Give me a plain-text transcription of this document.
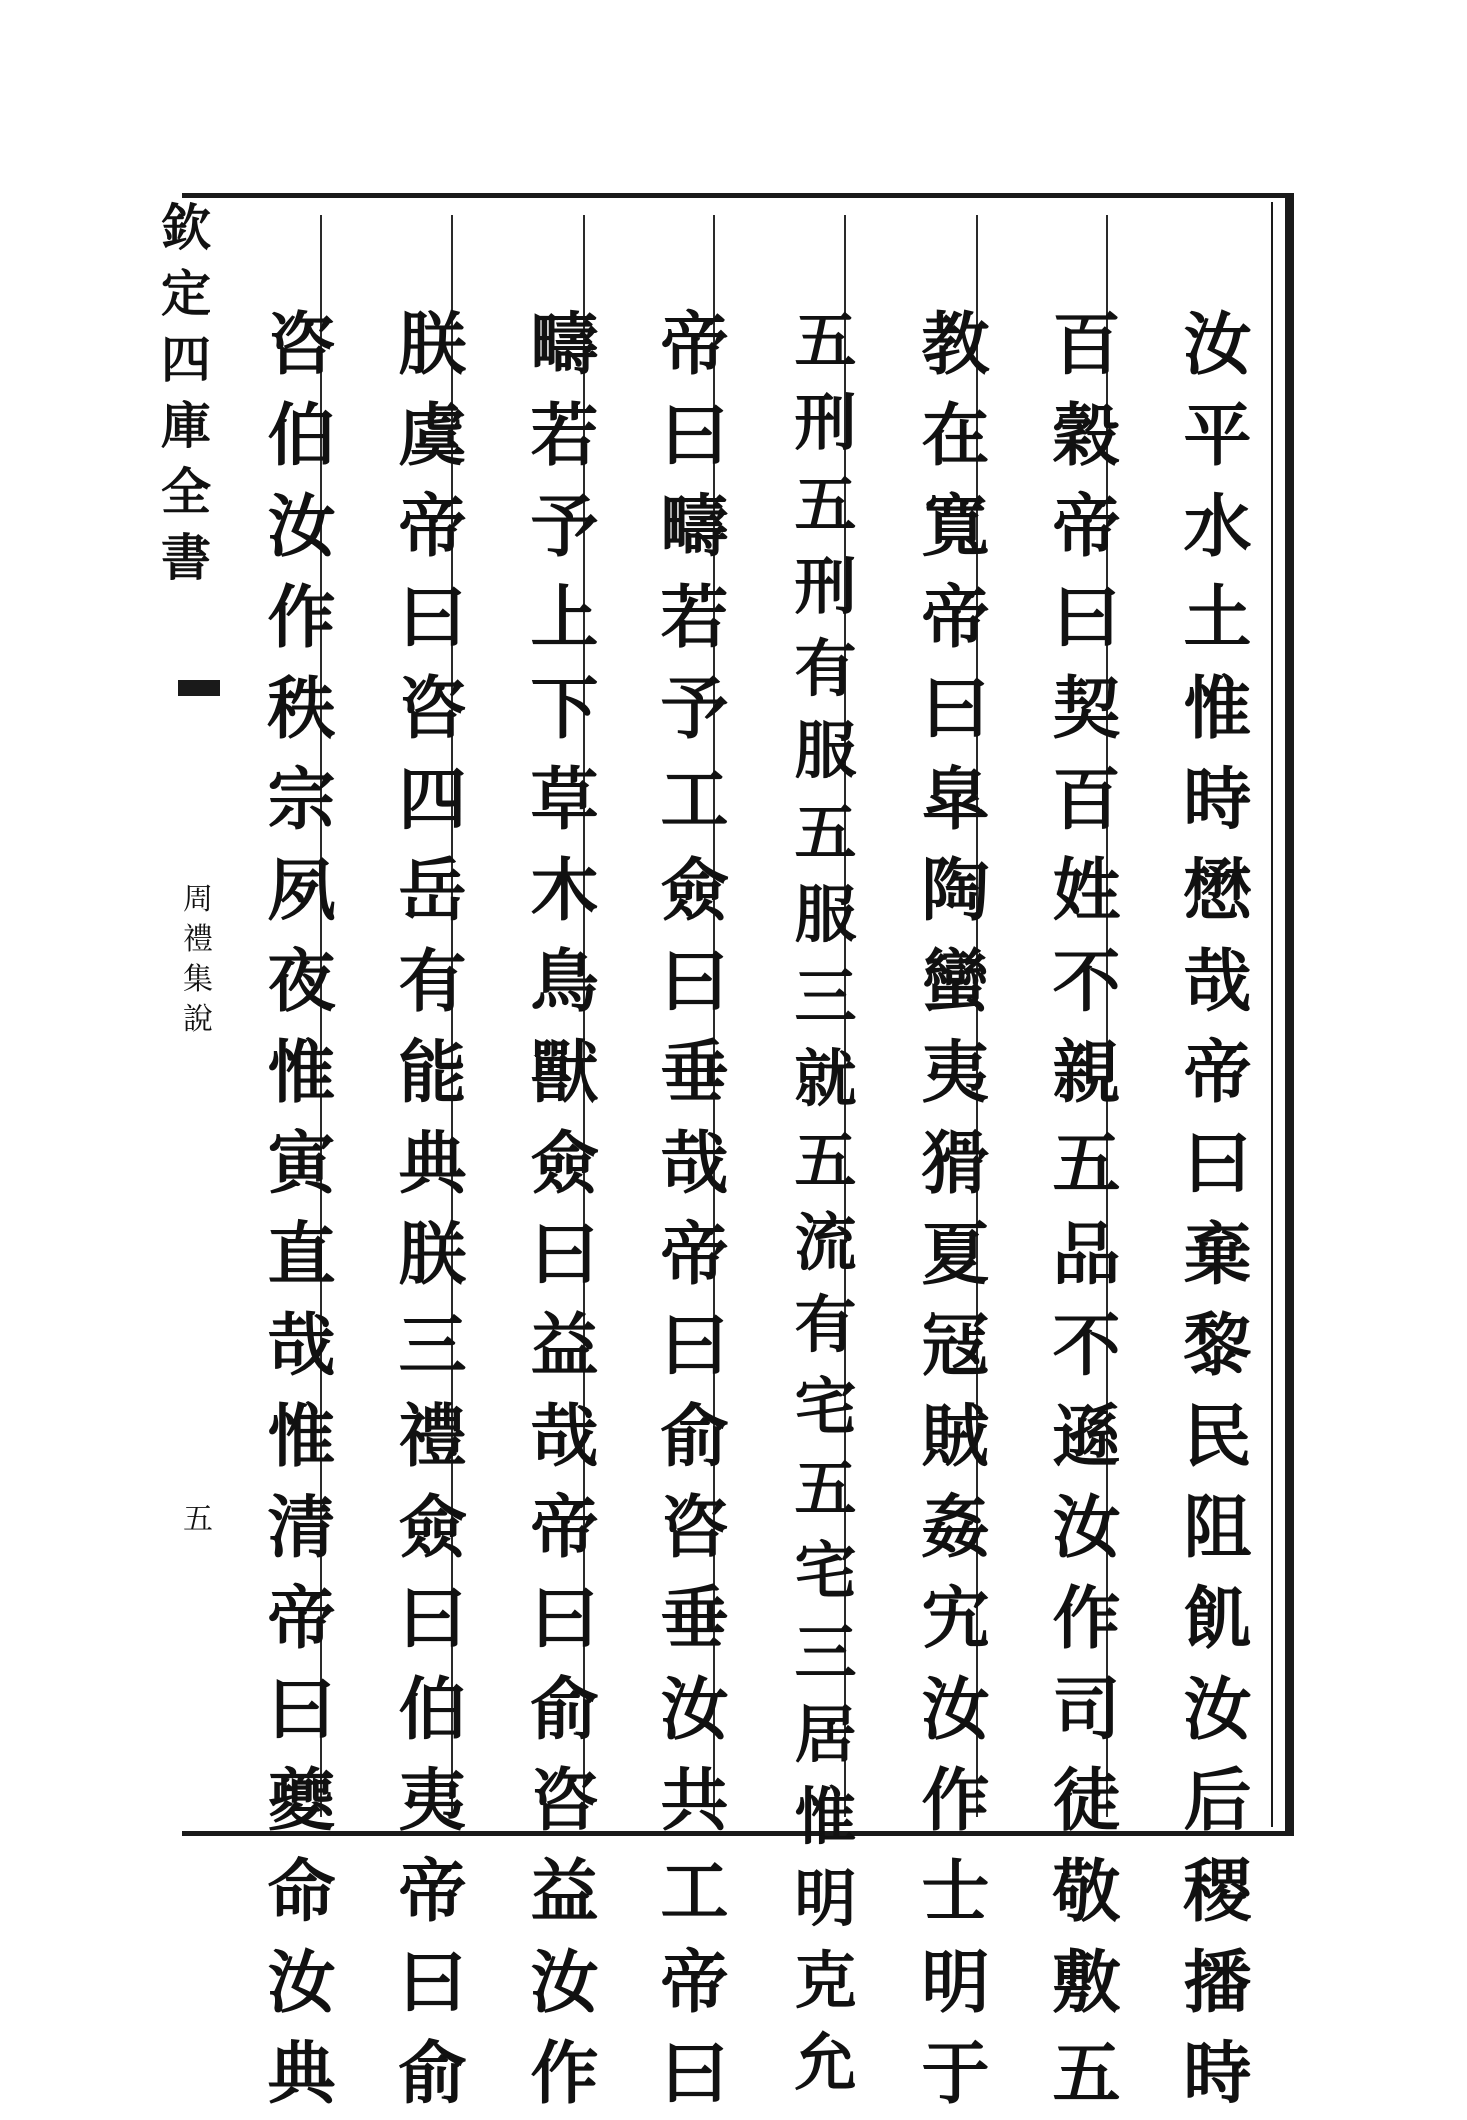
欽
定
四
庫
全
書
周
禮
集
說
五
汝
平
水
土
惟
時
懋
哉
帝
曰
棄
黎
民
阻
飢
汝
后
稷
播
時
百
穀
帝
曰
契
百
姓
不
親
五
品
不
遜
汝
作
司
徒
敬
敷
五
教
在
寬
帝
曰
皐
陶
蠻
夷
猾
夏
冦
賊
姦
宄
汝
作
士
明
于
五
刑
五
刑
有
服
五
服
三
就
五
流
有
宅
五
宅
三
居
惟
明
克
允
帝
曰
疇
若
予
工
僉
曰
垂
哉
帝
曰
俞
咨
垂
汝
共
工
帝
曰
疇
若
予
上
下
草
木
鳥
獸
僉
曰
益
哉
帝
曰
俞
咨
益
汝
作
朕
虞
帝
曰
咨
四
岳
有
能
典
朕
三
禮
僉
曰
伯
夷
帝
曰
俞
咨
伯
汝
作
秩
宗
夙
夜
惟
寅
直
哉
惟
清
帝
曰
夔
命
汝
典
